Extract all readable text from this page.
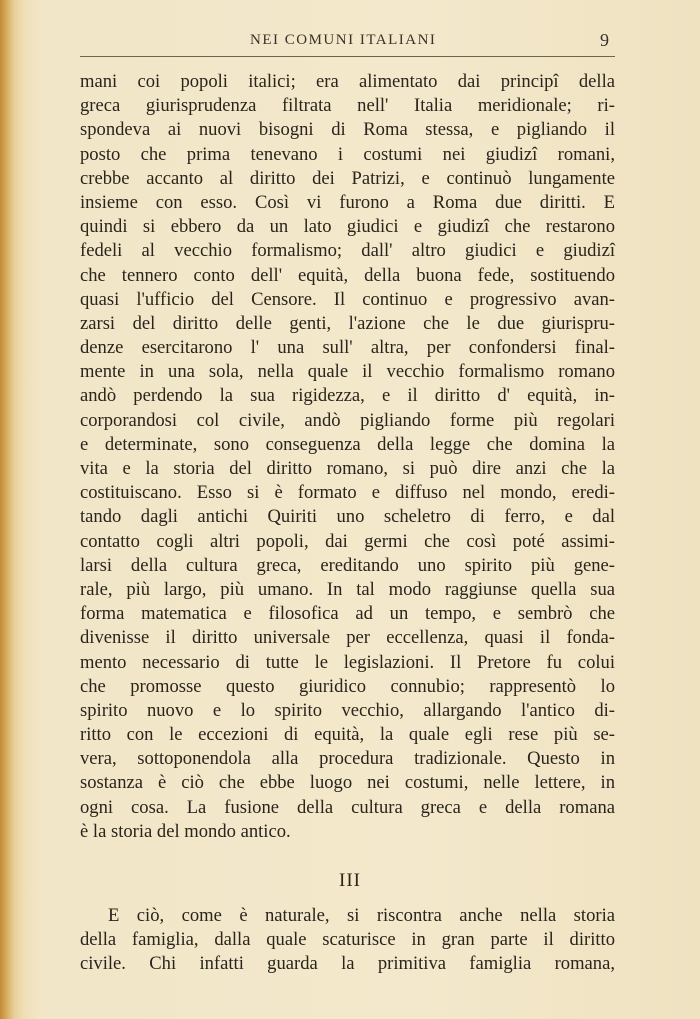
NEI COMUNI ITALIANI	9
mani coi popoli italici; era alimentato dai principî della
greca giurisprudenza filtrata nell' Italia meridionale; ri-
spondeva ai nuovi bisogni di Roma stessa, e pigliando il
posto che prima tenevano i costumi nei giudizî romani,
crebbe accanto al diritto dei Patrizi, e continuò lungamente
insieme con esso. Così vi furono a Roma due diritti. E
quindi si ebbero da un lato giudici e giudizî che restarono
fedeli al vecchio formalismo; dall' altro giudici e giudizî
che tennero conto dell' equità, della buona fede, sostituendo
quasi l'ufficio del Censore. Il continuo e progressivo avan-
zarsi del diritto delle genti, l'azione che le due giurispru-
denze esercitarono l' una sull' altra, per confondersi final-
mente in una sola, nella quale il vecchio formalismo romano
andò perdendo la sua rigidezza, e il diritto d' equità, in-
corporandosi col civile, andò pigliando forme più regolari
e determinate, sono conseguenza della legge che domina la
vita e la storia del diritto romano, si può dire anzi che la
costituiscano. Esso si è formato e diffuso nel mondo, eredi-
tando dagli antichi Quiriti uno scheletro di ferro, e dal
contatto cogli altri popoli, dai germi che così poté assimi-
larsi della cultura greca, ereditando uno spirito più gene-
rale, più largo, più umano. In tal modo raggiunse quella sua
forma matematica e filosofica ad un tempo, e sembrò che
divenisse il diritto universale per eccellenza, quasi il fonda-
mento necessario di tutte le legislazioni. Il Pretore fu colui
che promosse questo giuridico connubio; rappresentò lo
spirito nuovo e lo spirito vecchio, allargando l'antico di-
ritto con le eccezioni di equità, la quale egli rese più se-
vera, sottoponendola alla procedura tradizionale. Questo in
sostanza è ciò che ebbe luogo nei costumi, nelle lettere, in
ogni cosa. La fusione della cultura greca e della romana
è la storia del mondo antico.
III
E ciò, come è naturale, si riscontra anche nella storia
della famiglia, dalla quale scaturisce in gran parte il diritto
civile. Chi infatti guarda la primitiva famiglia romana,
